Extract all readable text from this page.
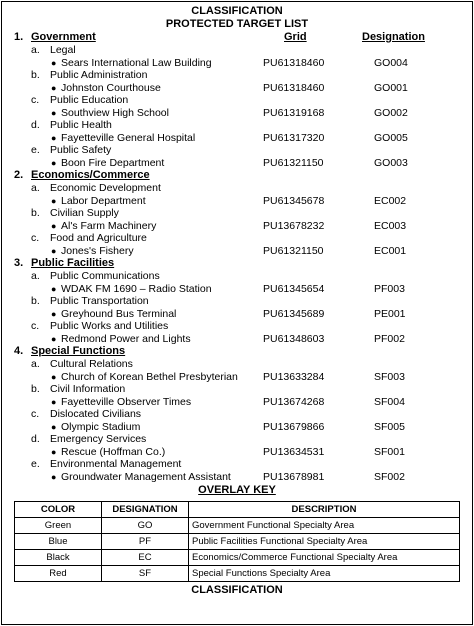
CLASSIFICATION
PROTECTED TARGET LIST
1. Government	Grid	Designation
a. Legal
● Sears International Law Building	PU61318460	GO004
b. Public Administration
● Johnston Courthouse	PU61318460	GO001
c. Public Education
● Southview High School	PU61319168	GO002
d. Public Health
● Fayetteville General Hospital	PU61317320	GO005
e. Public Safety
● Boon Fire Department	PU61321150	GO003
2. Economics/Commerce
a. Economic Development
● Labor Department	PU61345678	EC002
b. Civilian Supply
● Al's Farm Machinery	PU13678232	EC003
c. Food and Agriculture
● Jones's Fishery	PU61321150	EC001
3. Public Facilities
a. Public Communications
● WDAK FM 1690 – Radio Station	PU61345654	PF003
b. Public Transportation
● Greyhound Bus Terminal	PU61345689	PE001
c. Public Works and Utilities
● Redmond Power and Lights	PU61348603	PF002
4. Special Functions
a. Cultural Relations
● Church of Korean Bethel Presbyterian PU13633284	SF003
b. Civil Information
● Fayetteville Observer Times	PU13674268	SF004
c. Dislocated Civilians
● Olympic Stadium	PU13679866	SF005
d. Emergency Services
● Rescue (Hoffman Co.)	PU13634531	SF001
e. Environmental Management
● Groundwater Management Assistant	PU13678981	SF002
OVERLAY KEY
COLOR	DESIGNATION	DESCRIPTION
Green	GO	Government Functional Specialty Area
Blue	PF	Public Facilities Functional Specialty Area
Black	EC	Economics/Commerce Functional Specialty Area
Red	SF	Special Functions Specialty Area
CLASSIFICATION
